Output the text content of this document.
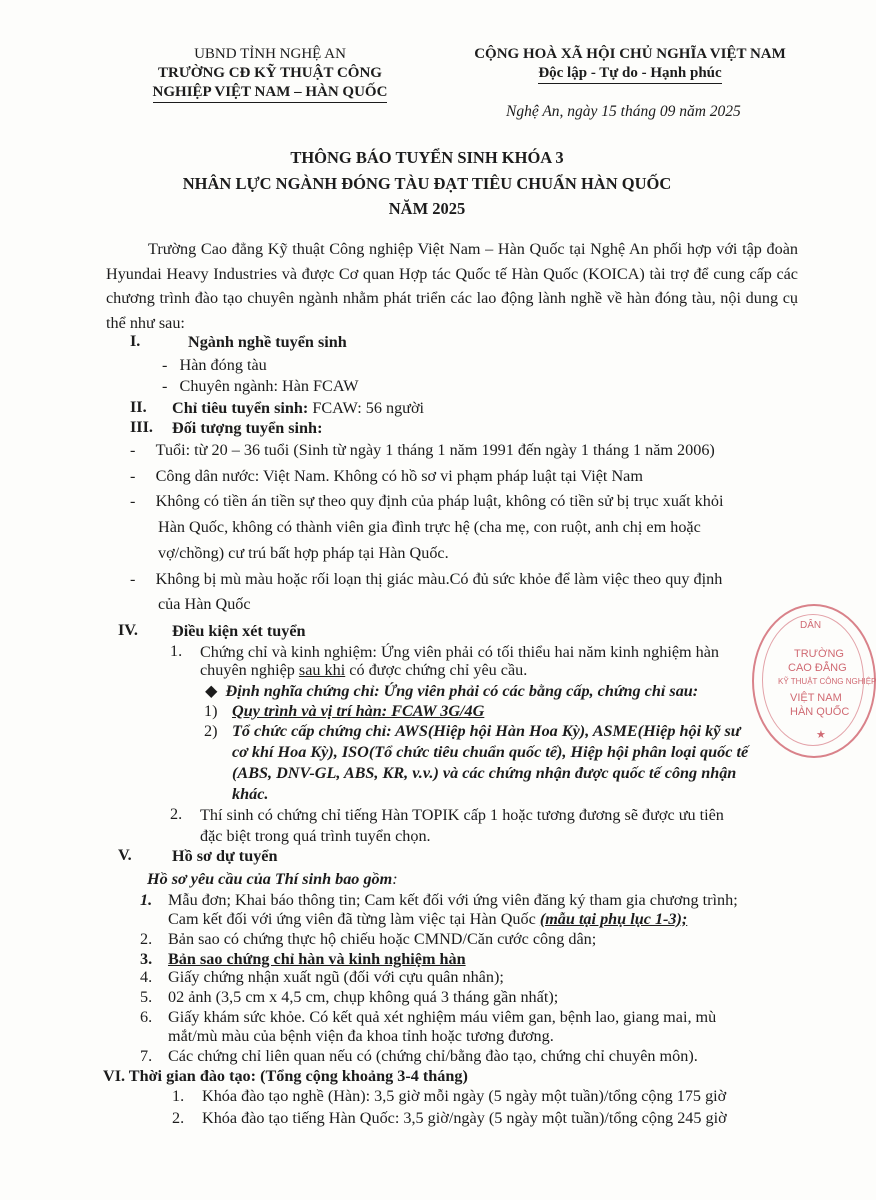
UBND TỈNH NGHỆ AN
TRƯỜNG CĐ KỸ THUẬT CÔNG
NGHIỆP VIỆT NAM – HÀN QUỐC
CỘNG HOÀ XÃ HỘI CHỦ NGHĨA VIỆT NAM
Độc lập - Tự do - Hạnh phúc
Nghệ An, ngày 15 tháng 09 năm 2025
THÔNG BÁO TUYỂN SINH KHÓA 3
NHÂN LỰC NGÀNH ĐÓNG TÀU ĐẠT TIÊU CHUẨN HÀN QUỐC
NĂM 2025
Trường Cao đẳng Kỹ thuật Công nghiệp Việt Nam – Hàn Quốc tại Nghệ An phối hợp với tập đoàn Hyundai Heavy Industries và được Cơ quan Hợp tác Quốc tế Hàn Quốc (KOICA) tài trợ để cung cấp các chương trình đào tạo chuyên ngành nhằm phát triển các lao động lành nghề về hàn đóng tàu, nội dung cụ thể như sau:
I.	Ngành nghề tuyển sinh
-   Hàn đóng tàu
-   Chuyên ngành: Hàn FCAW
II. Chỉ tiêu tuyển sinh: FCAW: 56 người
III. Đối tượng tuyển sinh:
-     Tuổi: từ 20 – 36 tuổi (Sinh từ ngày 1 tháng 1 năm 1991 đến ngày 1 tháng 1 năm 2006)
-     Công dân nước: Việt Nam. Không có hồ sơ vi phạm pháp luật tại Việt Nam
-     Không có tiền án tiền sự theo quy định của pháp luật, không có tiền sử bị trục xuất khỏi
Hàn Quốc, không có thành viên gia đình trực hệ (cha mẹ, con ruột, anh chị em hoặc
vợ/chồng) cư trú bất hợp pháp tại Hàn Quốc.
-     Không bị mù màu hoặc rối loạn thị giác màu.Có đủ sức khỏe để làm việc theo quy định
của Hàn Quốc
IV. Điều kiện xét tuyển
1. Chứng chỉ và kinh nghiệm: Ứng viên phải có tối thiểu hai năm kinh nghiệm hàn
chuyên nghiệp sau khi có được chứng chỉ yêu cầu.
◆ Định nghĩa chứng chỉ: Ứng viên phải có các bằng cấp, chứng chỉ sau:
1) Quy trình và vị trí hàn: FCAW 3G/4G
2) Tổ chức cấp chứng chỉ: AWS(Hiệp hội Hàn Hoa Kỳ), ASME(Hiệp hội kỹ sư
cơ khí Hoa Kỳ), ISO(Tổ chức tiêu chuẩn quốc tế), Hiệp hội phân loại quốc tế
(ABS, DNV-GL, ABS, KR, v.v.) và các chứng nhận được quốc tế công nhận
khác.
2. Thí sinh có chứng chỉ tiếng Hàn TOPIK cấp 1 hoặc tương đương sẽ được ưu tiên
đặc biệt trong quá trình tuyển chọn.
V. Hồ sơ dự tuyển
Hồ sơ yêu cầu của Thí sinh bao gồm:
1. Mẫu đơn; Khai báo thông tin; Cam kết đối với ứng viên đăng ký tham gia chương trình;
Cam kết đối với ứng viên đã từng làm việc tại Hàn Quốc (mẫu tại phụ lục 1-3);
2. Bản sao có chứng thực hộ chiếu hoặc CMND/Căn cước công dân;
3. Bản sao chứng chỉ hàn và kinh nghiệm hàn
4. Giấy chứng nhận xuất ngũ (đối với cựu quân nhân);
5. 02 ảnh (3,5 cm x 4,5 cm, chụp không quá 3 tháng gần nhất);
6. Giấy khám sức khỏe. Có kết quả xét nghiệm máu viêm gan, bệnh lao, giang mai, mù
mắt/mù màu của bệnh viện đa khoa tỉnh hoặc tương đương.
7. Các chứng chỉ liên quan nếu có (chứng chỉ/bằng đào tạo, chứng chỉ chuyên môn).
VI. Thời gian đào tạo: (Tổng cộng khoảng 3-4 tháng)
1. Khóa đào tạo nghề (Hàn): 3,5 giờ mỗi ngày (5 ngày một tuần)/tổng cộng 175 giờ
2. Khóa đào tạo tiếng Hàn Quốc: 3,5 giờ/ngày (5 ngày một tuần)/tổng cộng 245 giờ
DÂN
TRƯỜNG
CAO ĐẲNG
KỸ THUẬT CÔNG NGHIỆP
VIỆT NAM
HÀN QUỐC
★
